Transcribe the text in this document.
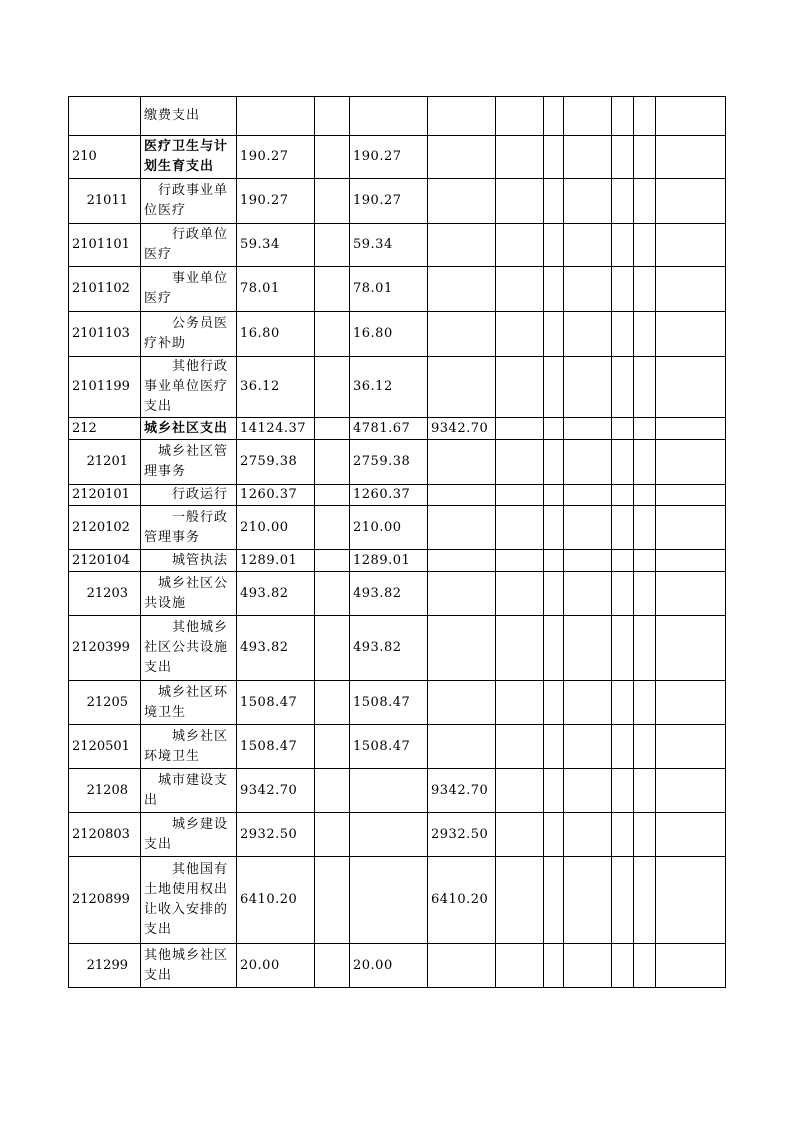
	缴费支出										
210	医疗卫生与计划生育支出	190.27		190.27							
21011	行政事业单位医疗	190.27		190.27							
2101101	行政单位医疗	59.34		59.34							
2101102	事业单位医疗	78.01		78.01							
2101103	公务员医疗补助	16.80		16.80							
2101199	其他行政事业单位医疗支出	36.12		36.12							
212	城乡社区支出	14124.37		4781.67	9342.70						
21201	城乡社区管理事务	2759.38		2759.38							
2120101	行政运行	1260.37		1260.37							
2120102	一般行政管理事务	210.00		210.00							
2120104	城管执法	1289.01		1289.01							
21203	城乡社区公共设施	493.82		493.82							
2120399	其他城乡社区公共设施支出	493.82		493.82							
21205	城乡社区环境卫生	1508.47		1508.47							
2120501	城乡社区环境卫生	1508.47		1508.47							
21208	城市建设支出	9342.70			9342.70						
2120803	城乡建设支出	2932.50			2932.50						
2120899	其他国有土地使用权出让收入安排的支出	6410.20			6410.20						
21299	其他城乡社区支出	20.00		20.00							
